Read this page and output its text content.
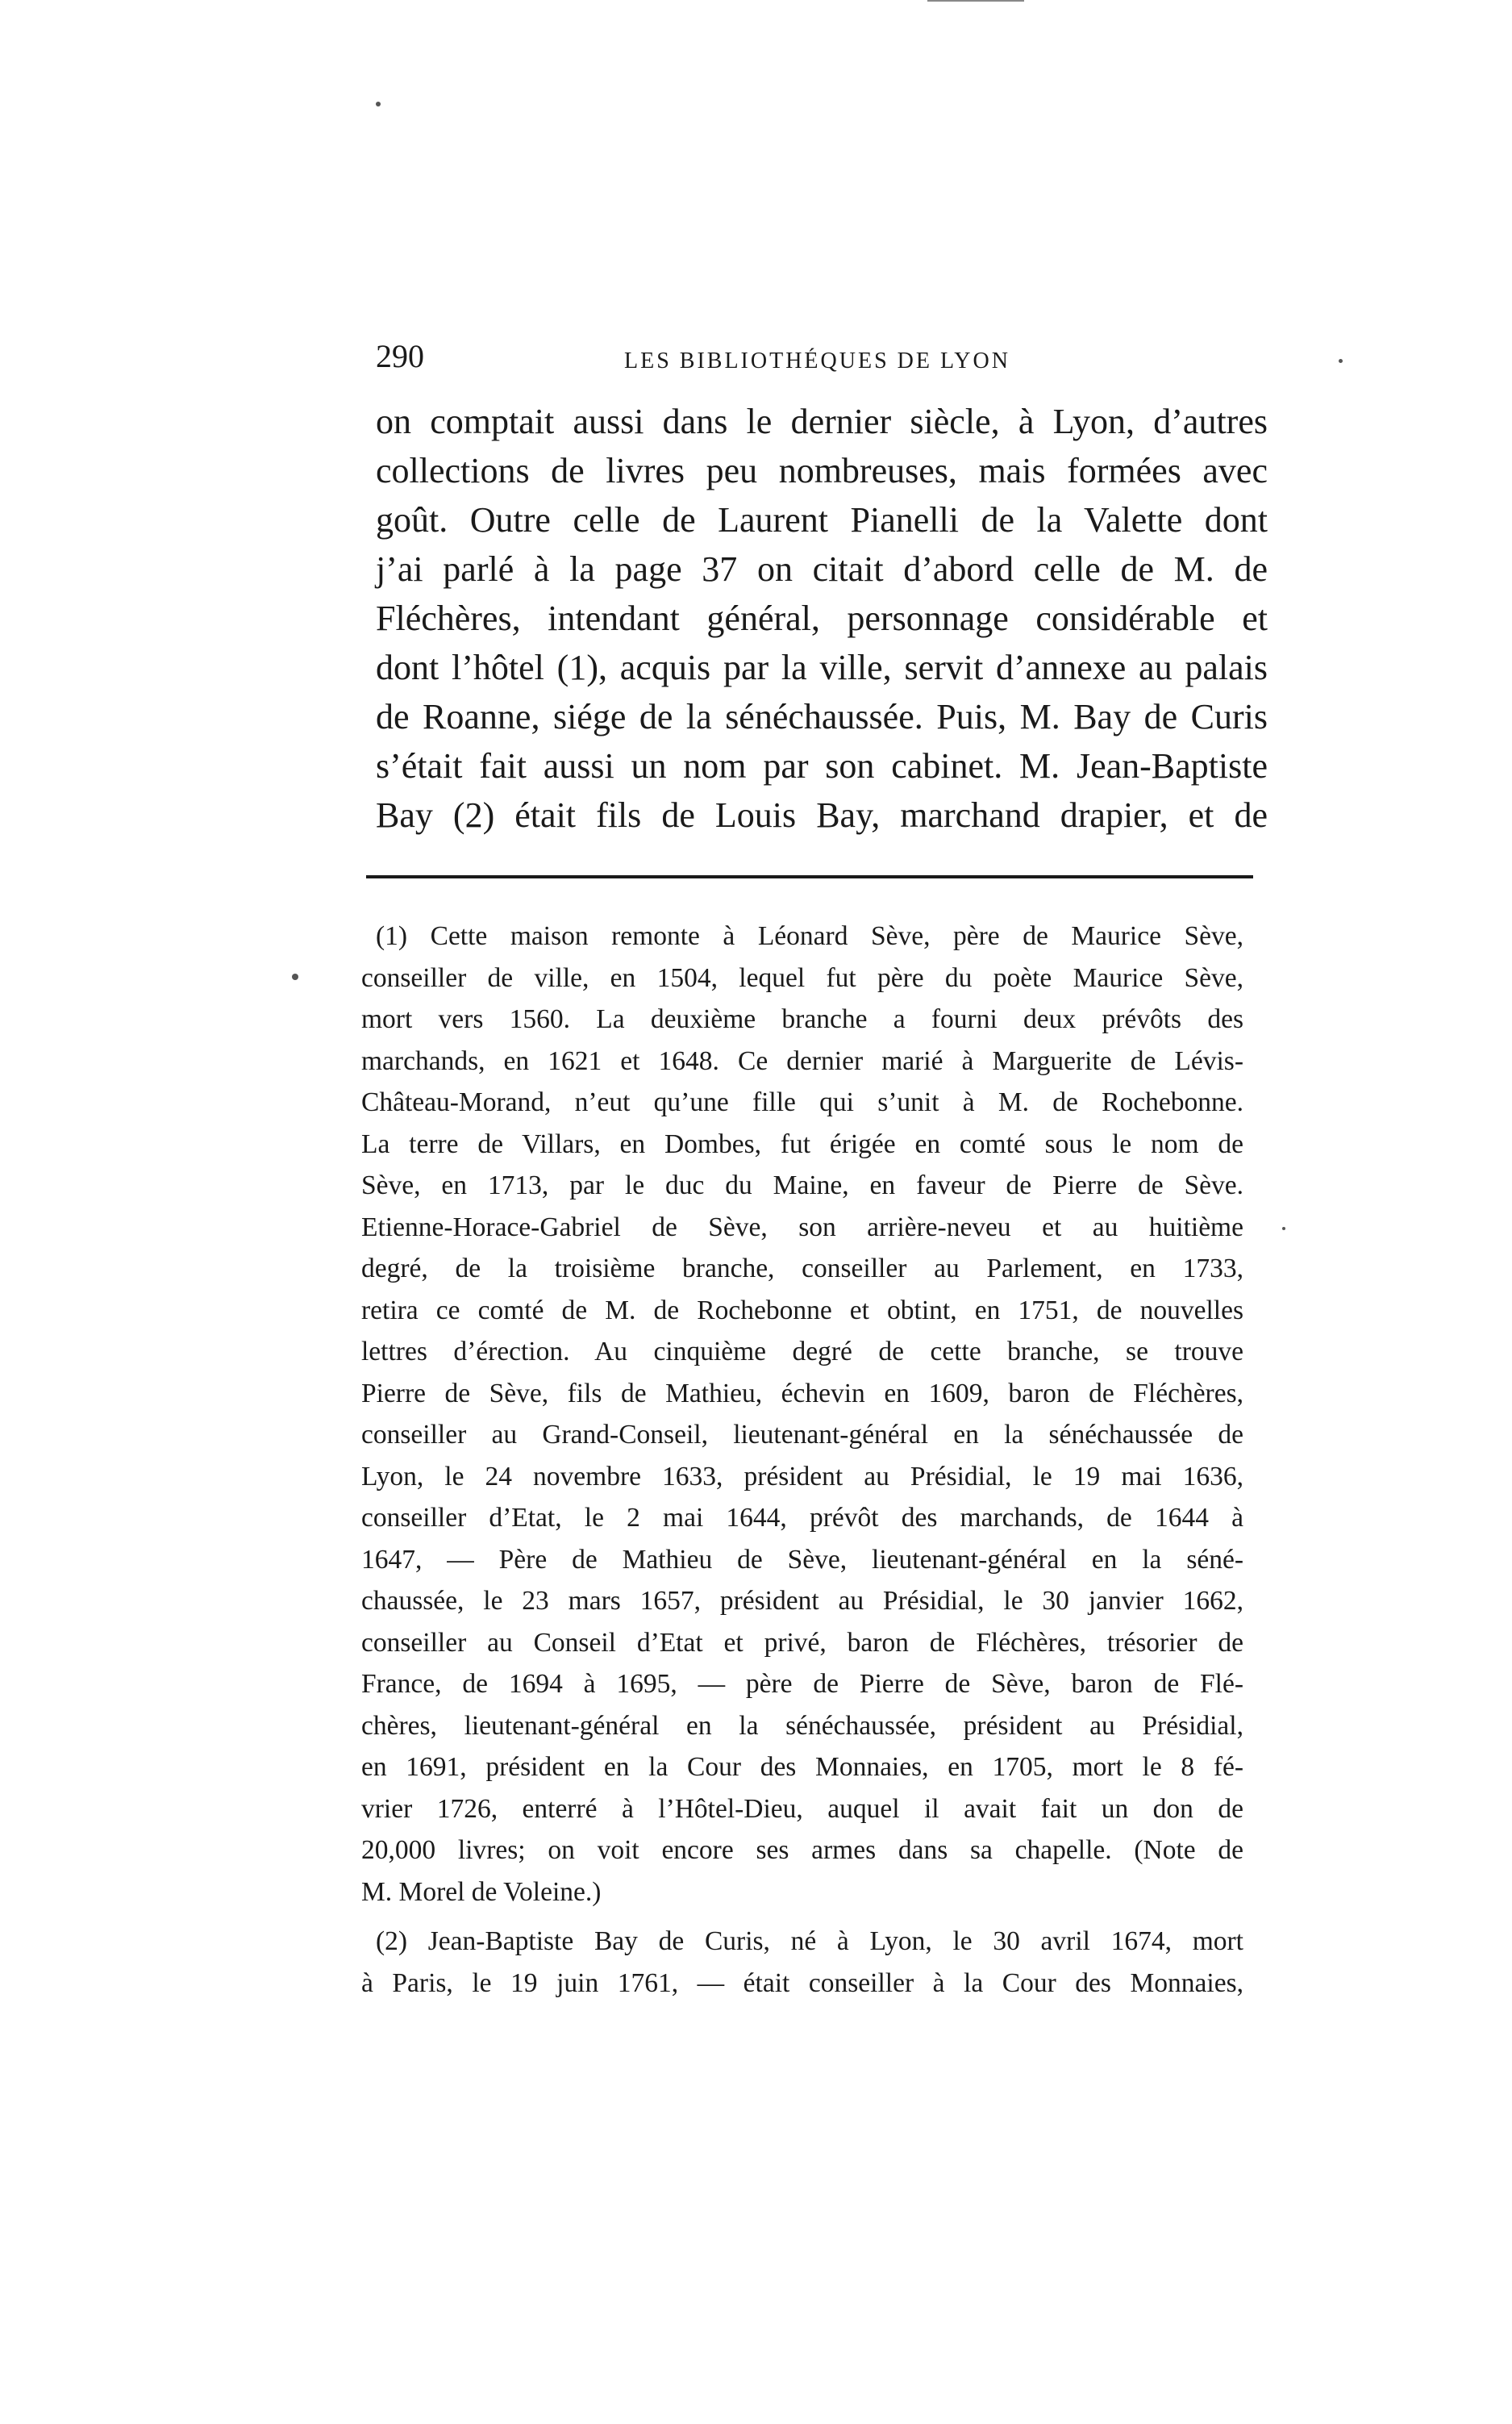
290	LES BIBLIOTHÉQUES DE LYON
on comptait aussi dans le dernier siècle, à Lyon, d’autres
collections de livres peu nombreuses, mais formées avec
goût. Outre celle de Laurent Pianelli de la Valette dont
j’ai parlé à la page 37 on citait d’abord celle de M. de
Fléchères, intendant général, personnage considérable et
dont l’hôtel (1), acquis par la ville, servit d’annexe au palais
de Roanne, siége de la sénéchaussée. Puis, M. Bay de Curis
s’était fait aussi un nom par son cabinet. M. Jean-Baptiste
Bay (2) était fils de Louis Bay, marchand drapier, et de
(1) Cette maison remonte à Léonard Sève, père de Maurice Sève,
conseiller de ville, en 1504, lequel fut père du poète Maurice Sève,
mort vers 1560. La deuxième branche a fourni deux prévôts des
marchands, en 1621 et 1648. Ce dernier marié à Marguerite de Lévis-
Château-Morand, n’eut qu’une fille qui s’unit à M. de Rochebonne.
La terre de Villars, en Dombes, fut érigée en comté sous le nom de
Sève, en 1713, par le duc du Maine, en faveur de Pierre de Sève.
Etienne-Horace-Gabriel de Sève, son arrière-neveu et au huitième
degré, de la troisième branche, conseiller au Parlement, en 1733,
retira ce comté de M. de Rochebonne et obtint, en 1751, de nouvelles
lettres d’érection. Au cinquième degré de cette branche, se trouve
Pierre de Sève, fils de Mathieu, échevin en 1609, baron de Fléchères,
conseiller au Grand-Conseil, lieutenant-général en la sénéchaussée de
Lyon, le 24 novembre 1633, président au Présidial, le 19 mai 1636,
conseiller d’Etat, le 2 mai 1644, prévôt des marchands, de 1644 à
1647, — Père de Mathieu de Sève, lieutenant-général en la séné-
chaussée, le 23 mars 1657, président au Présidial, le 30 janvier 1662,
conseiller au Conseil d’Etat et privé, baron de Fléchères, trésorier de
France, de 1694 à 1695, — père de Pierre de Sève, baron de Flé-
chères, lieutenant-général en la sénéchaussée, président au Présidial,
en 1691, président en la Cour des Monnaies, en 1705, mort le 8 fé-
vrier 1726, enterré à l’Hôtel-Dieu, auquel il avait fait un don de
20,000 livres; on voit encore ses armes dans sa chapelle. (Note de
M. Morel de Voleine.)
(2) Jean-Baptiste Bay de Curis, né à Lyon, le 30 avril 1674, mort
à Paris, le 19 juin 1761, — était conseiller à la Cour des Monnaies,
